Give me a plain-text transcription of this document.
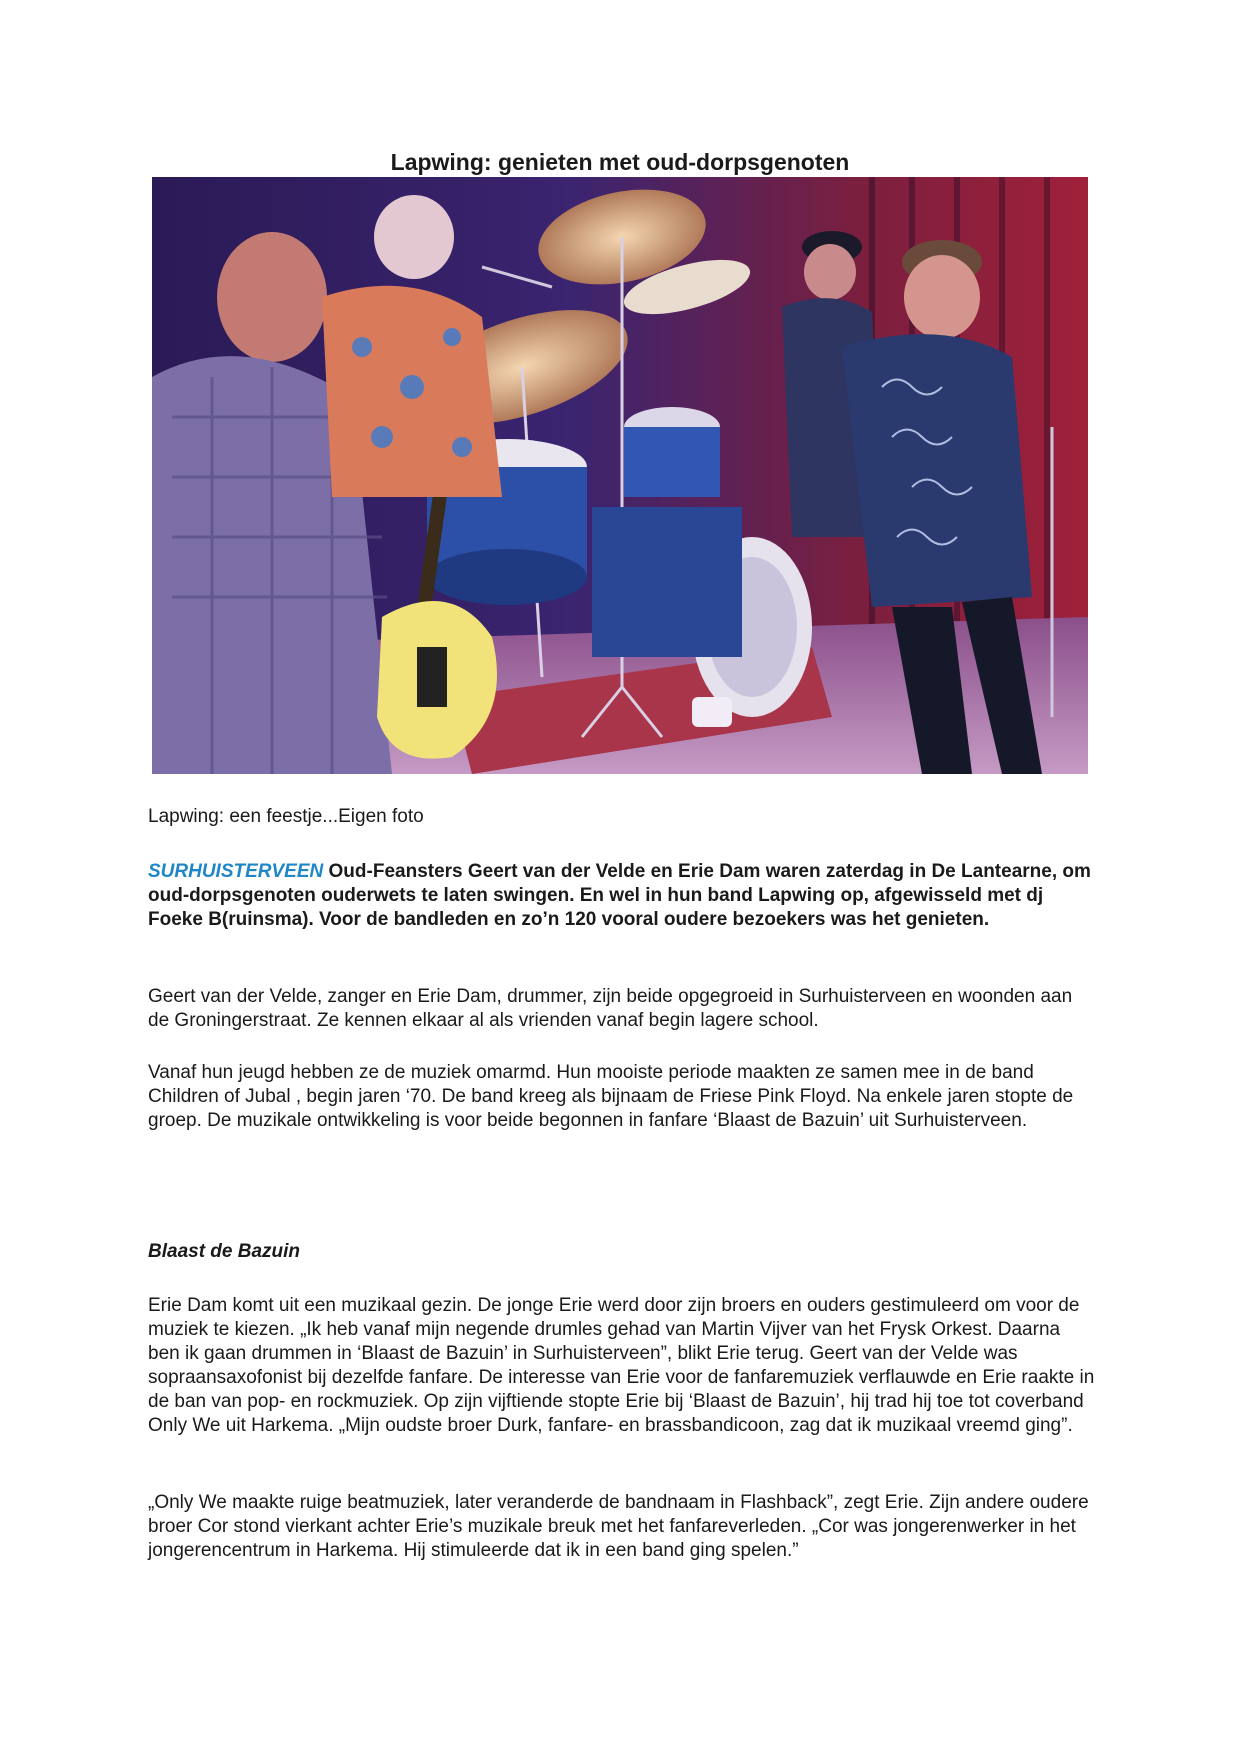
Lapwing: genieten met oud-dorpsgenoten

Lapwing: een feestje...Eigen foto

SURHUISTERVEEN Oud-Feansters Geert van der Velde en Erie Dam waren zaterdag in De Lantearne, om oud-dorpsgenoten ouderwets te laten swingen. En wel in hun band Lapwing op, afgewisseld met dj Foeke B(ruinsma). Voor de bandleden en zo’n 120 vooral oudere bezoekers was het genieten.

Geert van der Velde, zanger en Erie Dam, drummer, zijn beide opgegroeid in Surhuisterveen en woonden aan de Groningerstraat. Ze kennen elkaar al als vrienden vanaf begin lagere school.

Vanaf hun jeugd hebben ze de muziek omarmd. Hun mooiste periode maakten ze samen mee in de band Children of Jubal , begin jaren ‘70. De band kreeg als bijnaam de Friese Pink Floyd. Na enkele jaren stopte de groep. De muzikale ontwikkeling is voor beide begonnen in fanfare ‘Blaast de Bazuin’ uit Surhuisterveen.

Blaast de Bazuin

Erie Dam komt uit een muzikaal gezin. De jonge Erie werd door zijn broers en ouders gestimuleerd om voor de muziek te kiezen. „Ik heb vanaf mijn negende drumles gehad van Martin Vijver van het Frysk Orkest. Daarna ben ik gaan drummen in ‘Blaast de Bazuin’ in Surhuisterveen”, blikt Erie terug. Geert van der Velde was sopraansaxofonist bij dezelfde fanfare. De interesse van Erie voor de fanfaremuziek verflauwde en Erie raakte in de ban van pop- en rockmuziek. Op zijn vijftiende stopte Erie bij ‘Blaast de Bazuin’, hij trad hij toe tot coverband Only We uit Harkema. „Mijn oudste broer Durk, fanfare- en brassbandicoon, zag dat ik muzikaal vreemd ging”.

„Only We maakte ruige beatmuziek, later veranderde de bandnaam in Flashback”, zegt Erie. Zijn andere oudere broer Cor stond vierkant achter Erie’s muzikale breuk met het fanfareverleden. „Cor was jongerenwerker in het jongerencentrum in Harkema. Hij stimuleerde dat ik in een band ging spelen.”
